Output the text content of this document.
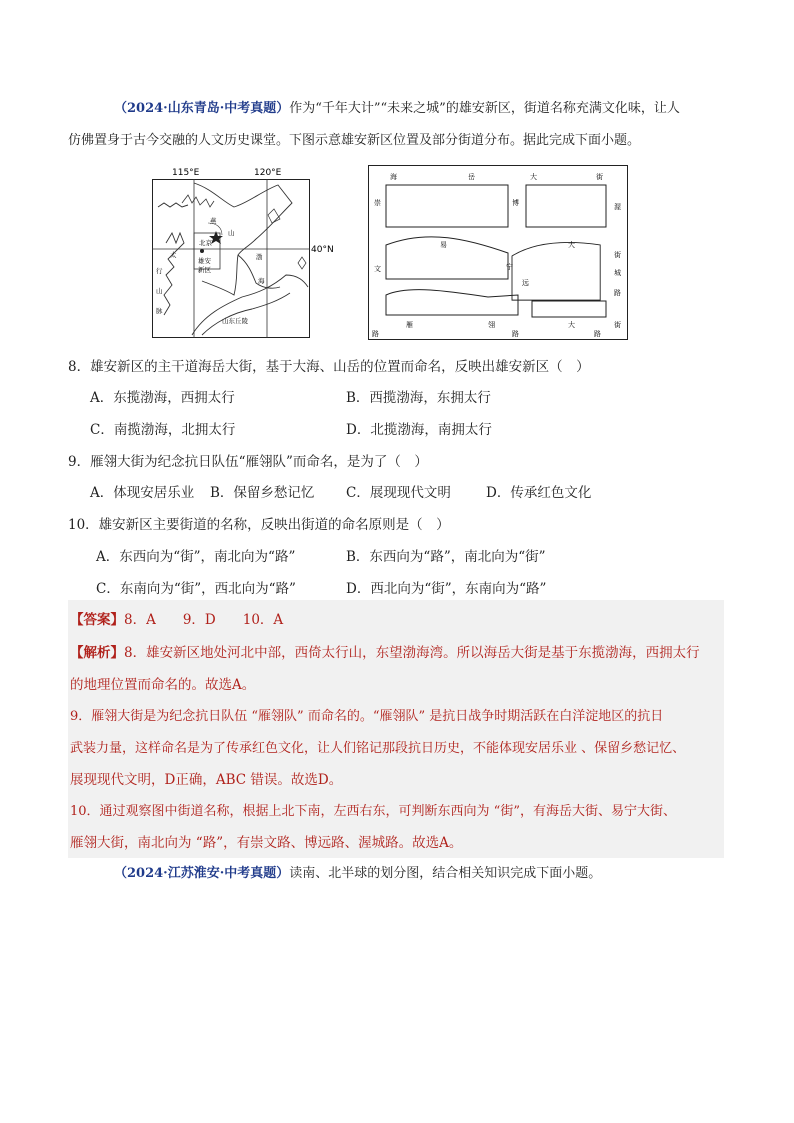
（2024·山东青岛·中考真题）作为“千年大计”“未来之城”的雄安新区，街道名称充满文化味，让人
仿佛置身于古今交融的人文历史课堂。下图示意雄安新区位置及部分街道分布。据此完成下面小题。
115°E	120°E
40°N
燕
山
太
行
山
脉
北京
雄安
新区
渤
海
山东丘陵
海	岳	大	街
易	大
宁
街
雁	翎	大
路
街
崇
文
路
博
远
路
渥
城
路
8．雄安新区的主干道海岳大街，基于大海、山岳的位置而命名，反映出雄安新区（　）
A．东揽渤海，西拥太行	B．西揽渤海，东拥太行
C．南揽渤海，北拥太行	D．北揽渤海，南拥太行
9．雁翎大街为纪念抗日队伍“雁翎队”而命名，是为了（　）
A．体现安居乐业 B．保留乡愁记忆 C．展现现代文明	D．传承红色文化
10．雄安新区主要街道的名称，反映出街道的命名原则是（　）
A．东西向为“街”，南北向为“路”	B．东西向为“路”，南北向为“街”
C．东南向为“街”，西北向为“路”	D．西北向为“街”，东南向为“路”
【答案】8．A　　9．D　　10．A
【解析】8．雄安新区地处河北中部，西倚太行山，东望渤海湾。所以海岳大街是基于东揽渤海，西拥太行
的地理位置而命名的。故选A。
9．雁翎大街是为纪念抗日队伍 “雁翎队” 而命名的。“雁翎队” 是抗日战争时期活跃在白洋淀地区的抗日
武装力量，这样命名是为了传承红色文化，让人们铭记那段抗日历史，不能体现安居乐业 、保留乡愁记忆、
展现现代文明，D正确，ABC 错误。故选D。
10．通过观察图中街道名称，根据上北下南，左西右东，可判断东西向为 “街”，有海岳大街、易宁大街、
雁翎大街，南北向为 “路”，有崇文路、博远路、渥城路。故选A。
（2024·江苏淮安·中考真题）读南、北半球的划分图，结合相关知识完成下面小题。
